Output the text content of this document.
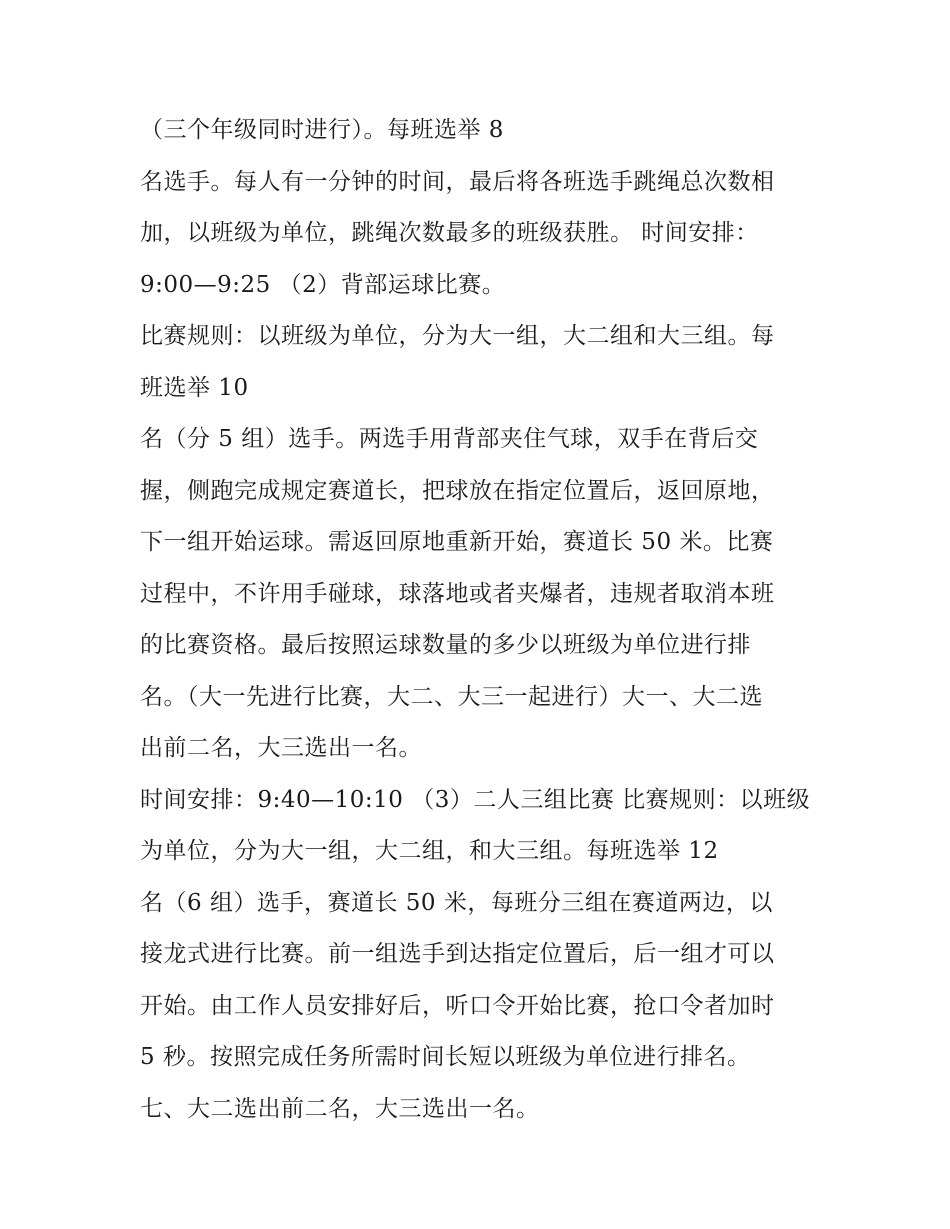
（三个年级同时进行）。每班选举 8
名选手。每人有一分钟的时间，最后将各班选手跳绳总次数相
加，以班级为单位，跳绳次数最多的班级获胜。 时间安排：
9:00—9:25 （2）背部运球比赛。
比赛规则：以班级为单位，分为大一组，大二组和大三组。每
班选举 10
名（分 5 组）选手。两选手用背部夹住气球，双手在背后交
握，侧跑完成规定赛道长，把球放在指定位置后，返回原地，
下一组开始运球。需返回原地重新开始，赛道长 50 米。比赛
过程中，不许用手碰球，球落地或者夹爆者，违规者取消本班
的比赛资格。最后按照运球数量的多少以班级为单位进行排
名。（大一先进行比赛，大二、大三一起进行）大一、大二选
出前二名，大三选出一名。
时间安排：9:40—10:10 （3）二人三组比赛 比赛规则：以班级
为单位，分为大一组，大二组，和大三组。每班选举 12
名（6 组）选手，赛道长 50 米，每班分三组在赛道两边，以
接龙式进行比赛。前一组选手到达指定位置后，后一组才可以
开始。由工作人员安排好后，听口令开始比赛，抢口令者加时
5 秒。按照完成任务所需时间长短以班级为单位进行排名。
七、大二选出前二名，大三选出一名。
